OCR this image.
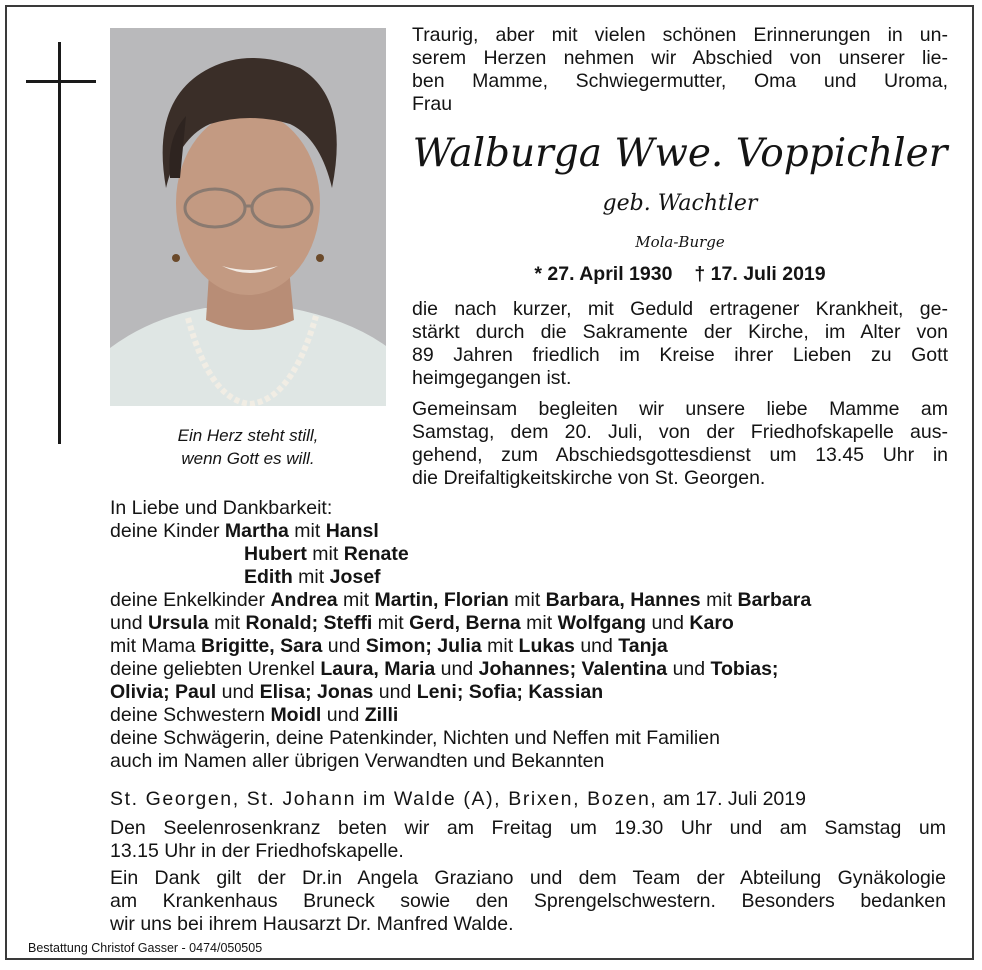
Ein Herz steht still,
wenn Gott es will.
Traurig, aber mit vielen schönen Erinnerungen in un-
serem Herzen nehmen wir Abschied von unserer lie-
ben Mamme, Schwiegermutter, Oma und Uroma,
Frau
Walburga Wwe. Voppichler
geb. Wachtler
Mola-Burge
* 27. April 1930 † 17. Juli 2019
die nach kurzer, mit Geduld ertragener Krankheit, ge-
stärkt durch die Sakramente der Kirche, im Alter von
89 Jahren friedlich im Kreise ihrer Lieben zu Gott
heimgegangen ist.
Gemeinsam begleiten wir unsere liebe Mamme am
Samstag, dem 20. Juli, von der Friedhofskapelle aus-
gehend, zum Abschiedsgottesdienst um 13.45 Uhr in
die Dreifaltigkeitskirche von St. Georgen.
In Liebe und Dankbarkeit:
deine Kinder Martha mit Hansl
Hubert mit Renate
Edith mit Josef
deine Enkelkinder Andrea mit Martin, Florian mit Barbara, Hannes mit Barbara
und Ursula mit Ronald; Steffi mit Gerd, Berna mit Wolfgang und Karo
mit Mama Brigitte, Sara und Simon; Julia mit Lukas und Tanja
deine geliebten Urenkel Laura, Maria und Johannes; Valentina und Tobias;
Olivia; Paul und Elisa; Jonas und Leni; Sofia; Kassian
deine Schwestern Moidl und Zilli
deine Schwägerin, deine Patenkinder, Nichten und Neffen mit Familien
auch im Namen aller übrigen Verwandten und Bekannten
St. Georgen, St. Johann im Walde (A), Brixen, Bozen, am 17. Juli 2019
Den Seelenrosenkranz beten wir am Freitag um 19.30 Uhr und am Samstag um
13.15 Uhr in der Friedhofskapelle.
Ein Dank gilt der Dr.in Angela Graziano und dem Team der Abteilung Gynäkologie
am Krankenhaus Bruneck sowie den Sprengelschwestern. Besonders bedanken
wir uns bei ihrem Hausarzt Dr. Manfred Walde.
Bestattung Christof Gasser - 0474/050505
